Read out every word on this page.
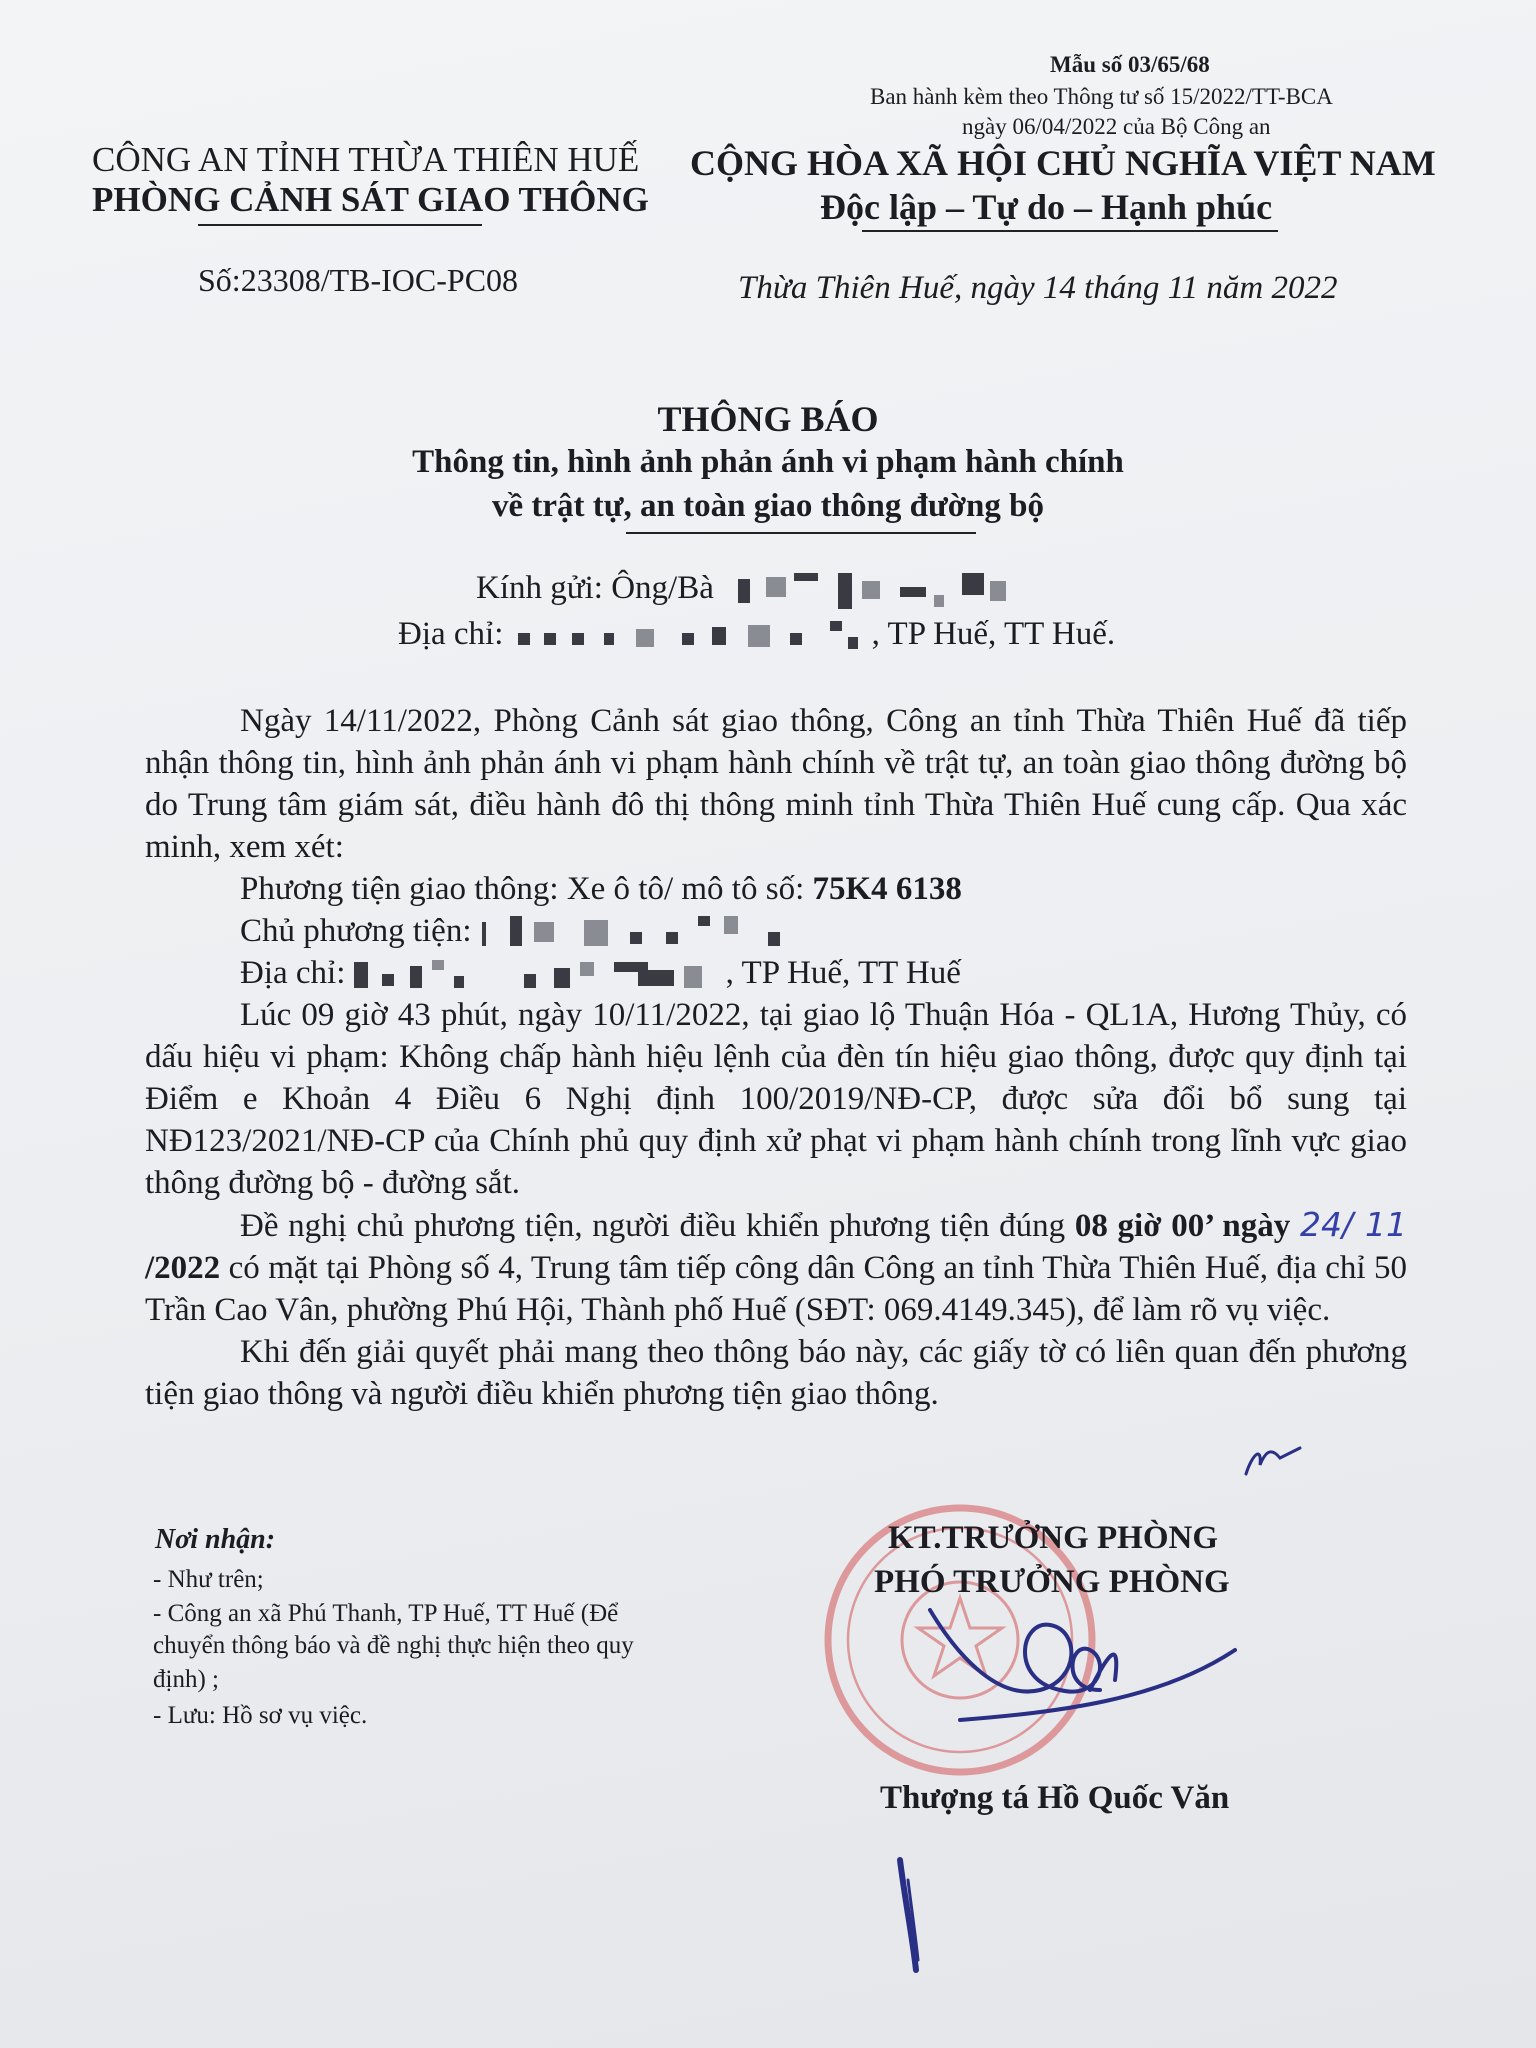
Mẫu số 03/65/68
Ban hành kèm theo Thông tư số 15/2022/TT-BCA
ngày 06/04/2022 của Bộ Công an
CÔNG AN TỈNH THỪA THIÊN HUẾ
PHÒNG CẢNH SÁT GIAO THÔNG
Số:23308/TB-IOC-PC08
CỘNG HÒA XÃ HỘI CHỦ NGHĨA VIỆT NAM
Độc lập – Tự do – Hạnh phúc
Thừa Thiên Huế, ngày 14 tháng 11 năm 2022
THÔNG BÁO
Thông tin, hình ảnh phản ánh vi phạm hành chính
về trật tự, an toàn giao thông đường bộ
Kính gửi: Ông/Bà
Địa chỉ:	, TP Huế, TT Huế.

Ngày 14/11/2022, Phòng Cảnh sát giao thông, Công an tỉnh Thừa Thiên Huế đã tiếp nhận thông tin, hình ảnh phản ánh vi phạm hành chính về trật tự, an toàn giao thông đường bộ do Trung tâm giám sát, điều hành đô thị thông minh tỉnh Thừa Thiên Huế cung cấp. Qua xác minh, xem xét:

Phương tiện giao thông: Xe ô tô/ mô tô số: 75K4 6138

Chủ phương tiện:

Địa chỉ:	, TP Huế, TT Huế

Lúc 09 giờ 43 phút, ngày 10/11/2022, tại giao lộ Thuận Hóa - QL1A, Hương Thủy, có dấu hiệu vi phạm: Không chấp hành hiệu lệnh của đèn tín hiệu giao thông, được quy định tại Điểm e Khoản 4 Điều 6 Nghị định 100/2019/NĐ-CP, được sửa đổi bổ sung tại NĐ123/2021/NĐ-CP của Chính phủ quy định xử phạt vi phạm hành chính trong lĩnh vực giao thông đường bộ - đường sắt.

Đề nghị chủ phương tiện, người điều khiển phương tiện đúng 08 giờ 00’ ngày 24/ 11 /2022 có mặt tại Phòng số 4, Trung tâm tiếp công dân Công an tỉnh Thừa Thiên Huế, địa chỉ 50 Trần Cao Vân, phường Phú Hội, Thành phố Huế (SĐT: 069.4149.345), để làm rõ vụ việc.

Khi đến giải quyết phải mang theo thông báo này, các giấy tờ có liên quan đến phương tiện giao thông và người điều khiển phương tiện giao thông.

Nơi nhận:
- Như trên;
- Công an xã Phú Thanh, TP Huế, TT Huế (Để
chuyển thông báo và đề nghị thực hiện theo quy
định) ;
- Lưu: Hồ sơ vụ việc.
KT.TRƯỞNG PHÒNG
PHÓ TRƯỞNG PHÒNG
Thượng tá Hồ Quốc Văn
